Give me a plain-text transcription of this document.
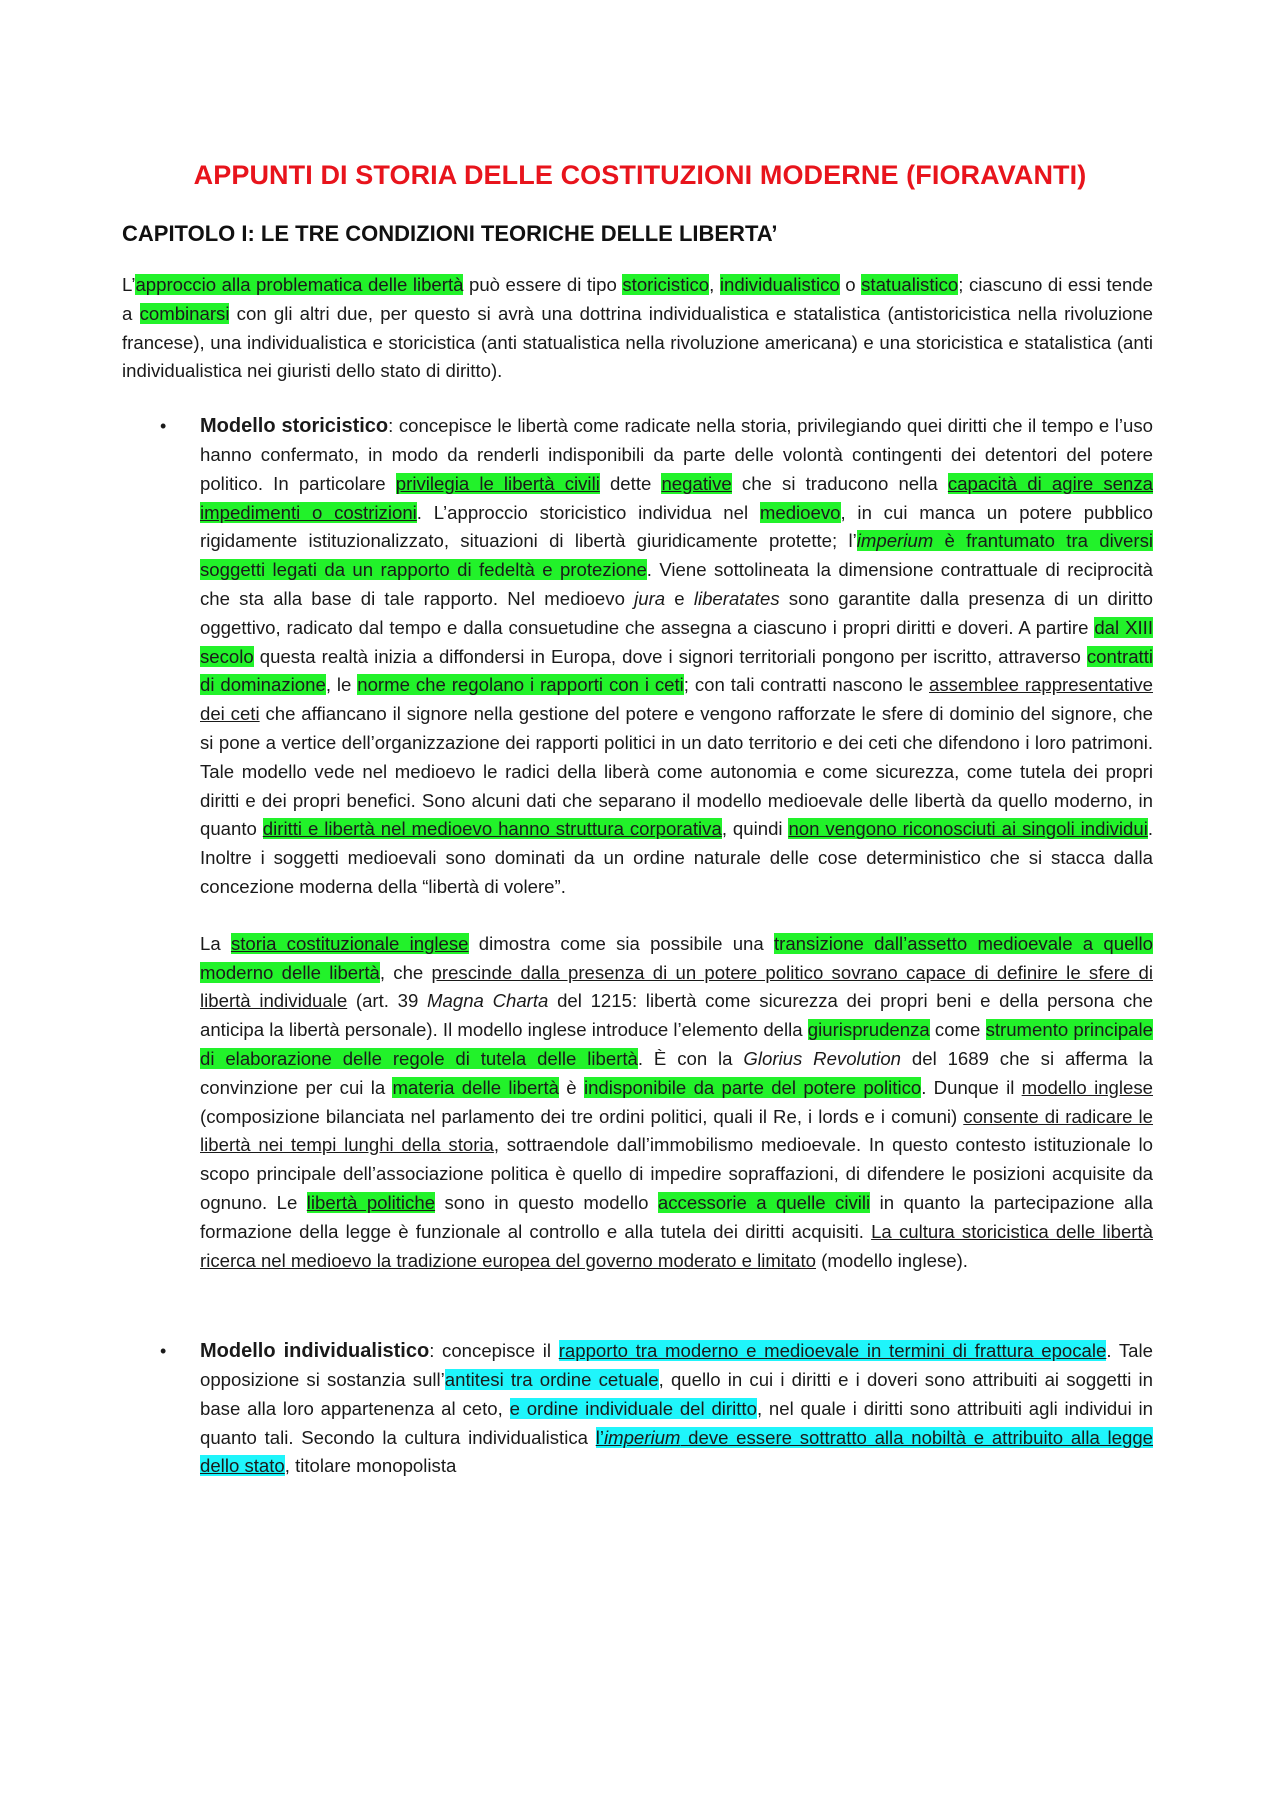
APPUNTI DI STORIA DELLE COSTITUZIONI MODERNE (FIORAVANTI)
CAPITOLO I: LE TRE CONDIZIONI TEORICHE DELLE LIBERTA’

L’approccio alla problematica delle libertà può essere di tipo storicistico, individualistico o statualistico; ciascuno di essi tende a combinarsi con gli altri due, per questo si avrà una dottrina individualistica e statalistica (antistoricistica nella rivoluzione francese), una individualistica e storicistica (anti statualistica nella rivoluzione americana) e una storicistica e statalistica (anti individualistica nei giuristi dello stato di diritto).

• Modello storicistico: concepisce le libertà come radicate nella storia, privilegiando quei diritti che il tempo e l’uso hanno confermato, in modo da renderli indisponibili da parte delle volontà contingenti dei detentori del potere politico. In particolare privilegia le libertà civili dette negative che si traducono nella capacità di agire senza impedimenti o costrizioni. L’approccio storicistico individua nel medioevo, in cui manca un potere pubblico rigidamente istituzionalizzato, situazioni di libertà giuridicamente protette; l’imperium è frantumato tra diversi soggetti legati da un rapporto di fedeltà e protezione. Viene sottolineata la dimensione contrattuale di reciprocità che sta alla base di tale rapporto. Nel medioevo jura e liberatates sono garantite dalla presenza di un diritto oggettivo, radicato dal tempo e dalla consuetudine che assegna a ciascuno i propri diritti e doveri. A partire dal XIII secolo questa realtà inizia a diffondersi in Europa, dove i signori territoriali pongono per iscritto, attraverso contratti di dominazione, le norme che regolano i rapporti con i ceti; con tali contratti nascono le assemblee rappresentative dei ceti che affiancano il signore nella gestione del potere e vengono rafforzate le sfere di dominio del signore, che si pone a vertice dell’organizzazione dei rapporti politici in un dato territorio e dei ceti che difendono i loro patrimoni. Tale modello vede nel medioevo le radici della liberà come autonomia e come sicurezza, come tutela dei propri diritti e dei propri benefici. Sono alcuni dati che separano il modello medioevale delle libertà da quello moderno, in quanto diritti e libertà nel medioevo hanno struttura corporativa, quindi non vengono riconosciuti ai singoli individui. Inoltre i soggetti medioevali sono dominati da un ordine naturale delle cose deterministico che si stacca dalla concezione moderna della “libertà di volere”.

La storia costituzionale inglese dimostra come sia possibile una transizione dall’assetto medioevale a quello moderno delle libertà, che prescinde dalla presenza di un potere politico sovrano capace di definire le sfere di libertà individuale (art. 39 Magna Charta del 1215: libertà come sicurezza dei propri beni e della persona che anticipa la libertà personale). Il modello inglese introduce l’elemento della giurisprudenza come strumento principale di elaborazione delle regole di tutela delle libertà. È con la Glorius Revolution del 1689 che si afferma la convinzione per cui la materia delle libertà è indisponibile da parte del potere politico. Dunque il modello inglese (composizione bilanciata nel parlamento dei tre ordini politici, quali il Re, i lords e i comuni) consente di radicare le libertà nei tempi lunghi della storia, sottraendole dall’immobilismo medioevale. In questo contesto istituzionale lo scopo principale dell’associazione politica è quello di impedire sopraffazioni, di difendere le posizioni acquisite da ognuno. Le libertà politiche sono in questo modello accessorie a quelle civili in quanto la partecipazione alla formazione della legge è funzionale al controllo e alla tutela dei diritti acquisiti. La cultura storicistica delle libertà ricerca nel medioevo la tradizione europea del governo moderato e limitato (modello inglese).

• Modello individualistico: concepisce il rapporto tra moderno e medioevale in termini di frattura epocale. Tale opposizione si sostanzia sull’antitesi tra ordine cetuale, quello in cui i diritti e i doveri sono attribuiti ai soggetti in base alla loro appartenenza al ceto, e ordine individuale del diritto, nel quale i diritti sono attribuiti agli individui in quanto tali. Secondo la cultura individualistica l’imperium deve essere sottratto alla nobiltà e attribuito alla legge dello stato, titolare monopolista
